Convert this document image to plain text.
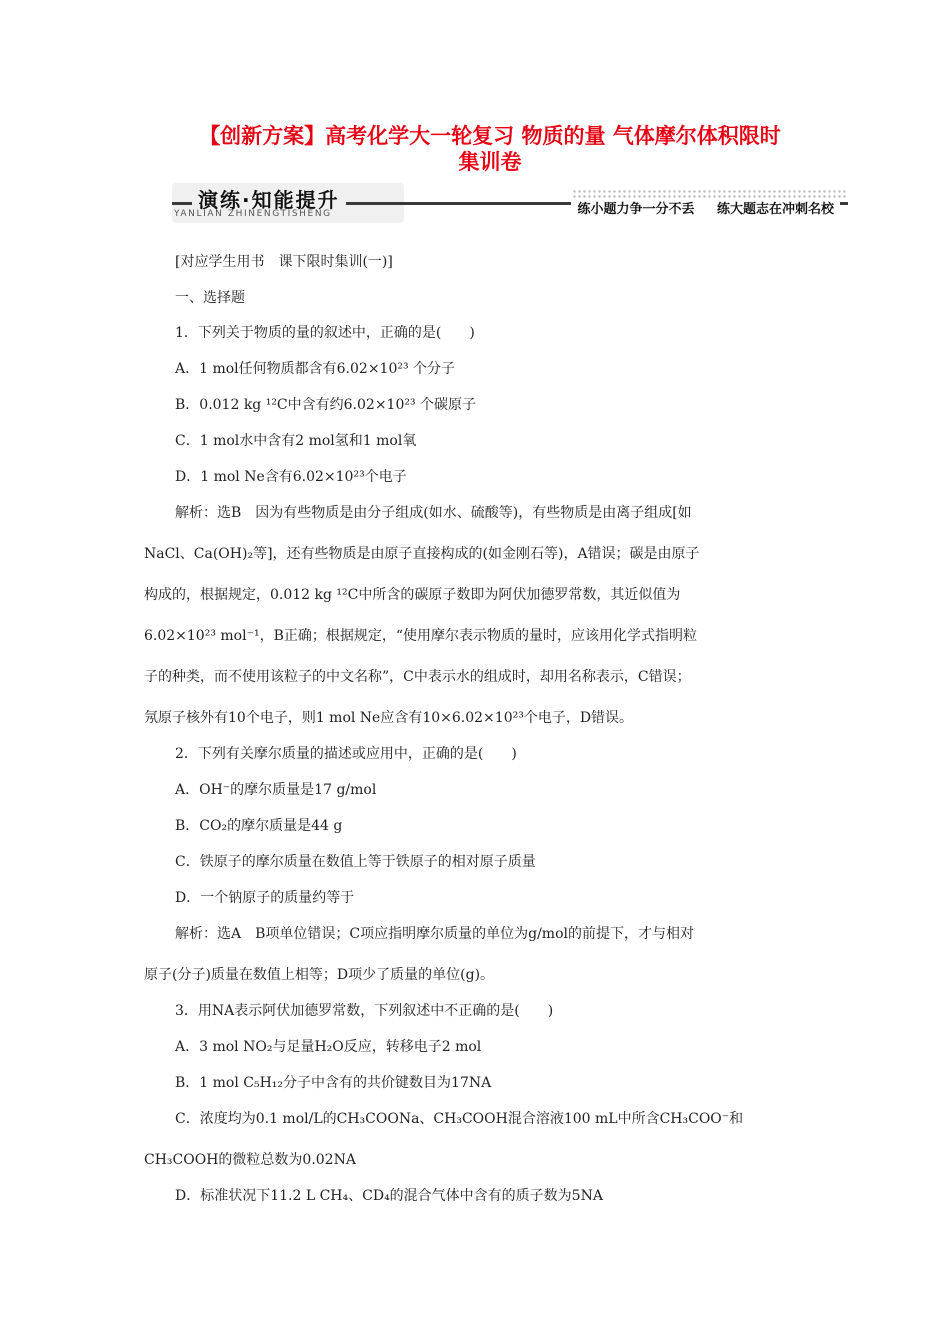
【创新方案】高考化学大一轮复习 物质的量 气体摩尔体积限时
集训卷
演练·知能提升
YANLIAN ZHINENGTISHENG	练小题力争一分不丢 练大题志在冲刺名校
[对应学生用书　课下限时集训(一)]
一、选择题
1．下列关于物质的量的叙述中，正确的是(　　)
A．1 mol任何物质都含有6.02×10²³ 个分子
B．0.012 kg ¹²C中含有约6.02×10²³ 个碳原子
C．1 mol水中含有2 mol氢和1 mol氧
D．1 mol Ne含有6.02×10²³个电子
解析：选B　因为有些物质是由分子组成(如水、硫酸等)，有些物质是由离子组成[如
NaCl、Ca(OH)₂等]，还有些物质是由原子直接构成的(如金刚石等)，A错误；碳是由原子
构成的，根据规定，0.012 kg ¹²C中所含的碳原子数即为阿伏加德罗常数，其近似值为
6.02×10²³ mol⁻¹，B正确；根据规定，“使用摩尔表示物质的量时，应该用化学式指明粒
子的种类，而不使用该粒子的中文名称”，C中表示水的组成时，却用名称表示，C错误；
氖原子核外有10个电子，则1 mol Ne应含有10×6.02×10²³个电子，D错误。
2．下列有关摩尔质量的描述或应用中，正确的是(　　)
A．OH⁻的摩尔质量是17 g/mol
B．CO₂的摩尔质量是44 g
C．铁原子的摩尔质量在数值上等于铁原子的相对原子质量
D．一个钠原子的质量约等于
解析：选A　B项单位错误；C项应指明摩尔质量的单位为g/mol的前提下，才与相对
原子(分子)质量在数值上相等；D项少了质量的单位(g)。
3．用NA表示阿伏加德罗常数，下列叙述中不正确的是(　　)
A．3 mol NO₂与足量H₂O反应，转移电子2 mol
B．1 mol C₅H₁₂分子中含有的共价键数目为17NA
C．浓度均为0.1 mol/L的CH₃COONa、CH₃COOH混合溶液100 mL中所含CH₃COO⁻和
CH₃COOH的微粒总数为0.02NA
D．标准状况下11.2 L CH₄、CD₄的混合气体中含有的质子数为5NA
